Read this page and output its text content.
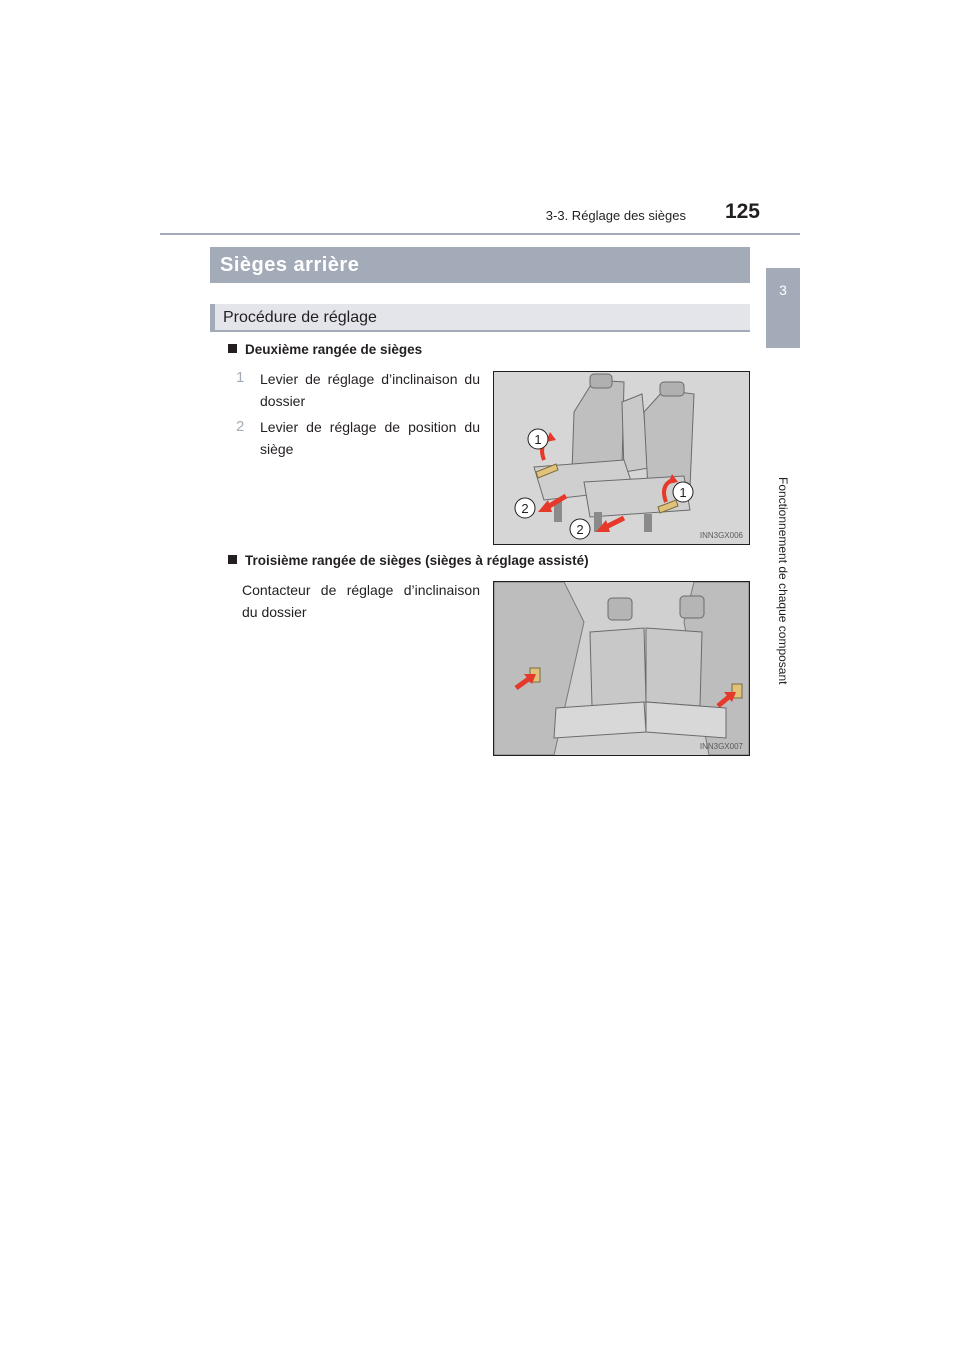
3-3. Réglage des sièges	125
3
Fonctionnement de chaque composant
Sièges arrière
Procédure de réglage
Deuxième rangée de sièges
1 Levier de réglage d’inclinaison du dossier
2 Levier de réglage de position du siège
1
1
2
2	INN3GX006
Troisième rangée de sièges (sièges à réglage assisté)
Contacteur de réglage d’inclinaison du dossier
INN3GX007
